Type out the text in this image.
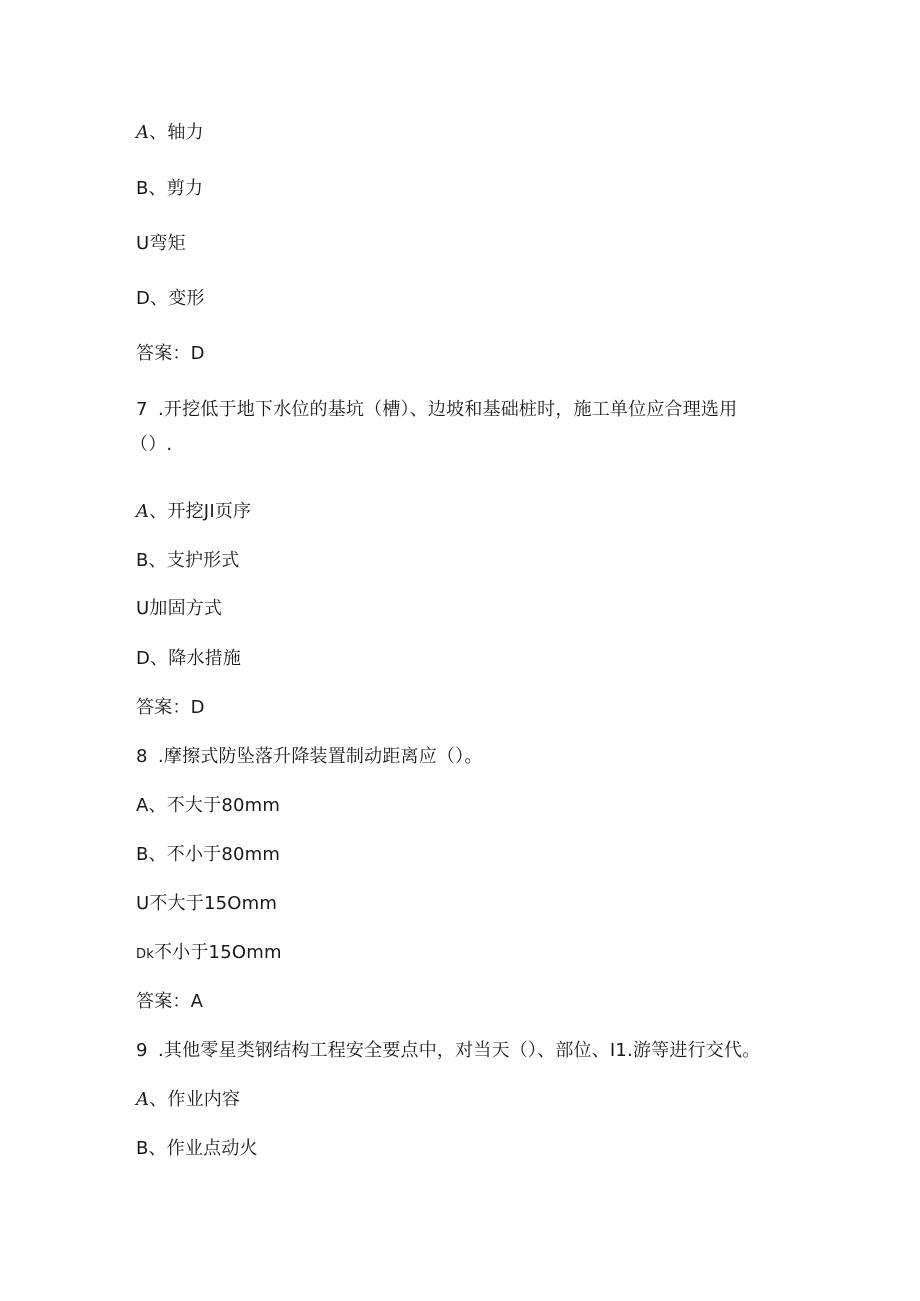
A、轴力
B、剪力
U弯矩
D、变形
答案：D
7 .开挖低于地下水位的基坑（槽）、边坡和基础桩时，施工单位应合理选用
（）.
A、开挖JI页序
B、支护形式
U加固方式
D、降水措施
答案：D
8 .摩擦式防坠落升降装置制动距离应（）。
A、不大于80mm
B、不小于80mm
U不大于15Omm
Dk不小于15Omm
答案：A
9 .其他零星类钢结构工程安全要点中，对当天（）、部位、I1.游等进行交代。
A、作业内容
B、作业点动火
